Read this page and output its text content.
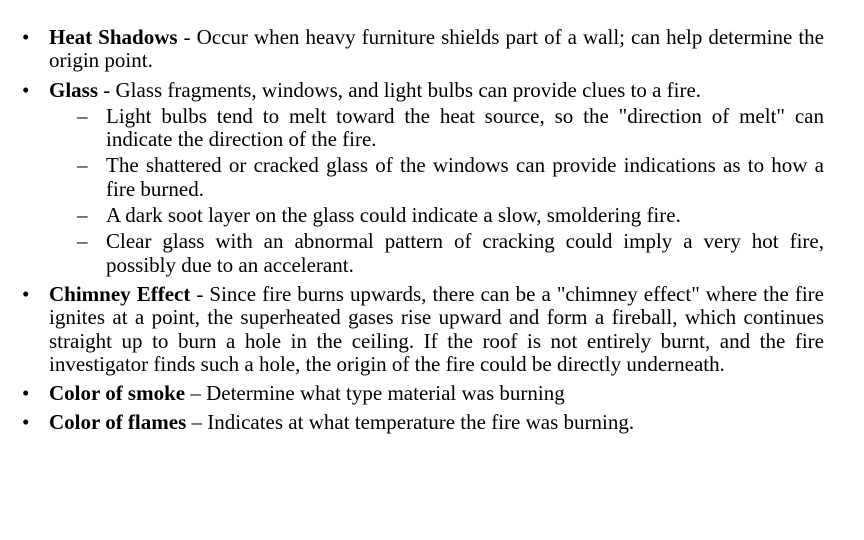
• Heat Shadows - Occur when heavy furniture shields part of a wall; can help determine the origin point.
• Glass - Glass fragments, windows, and light bulbs can provide clues to a fire.
– Light bulbs tend to melt toward the heat source, so the "direction of melt" can indicate the direction of the fire.
– The shattered or cracked glass of the windows can provide indications as to how a fire burned.
– A dark soot layer on the glass could indicate a slow, smoldering fire.
– Clear glass with an abnormal pattern of cracking could imply a very hot fire, possibly due to an accelerant.
• Chimney Effect - Since fire burns upwards, there can be a "chimney effect" where the fire ignites at a point, the superheated gases rise upward and form a fireball, which continues straight up to burn a hole in the ceiling. If the roof is not entirely burnt, and the fire investigator finds such a hole, the origin of the fire could be directly underneath.
• Color of smoke – Determine what type material was burning
• Color of flames – Indicates at what temperature the fire was burning.
